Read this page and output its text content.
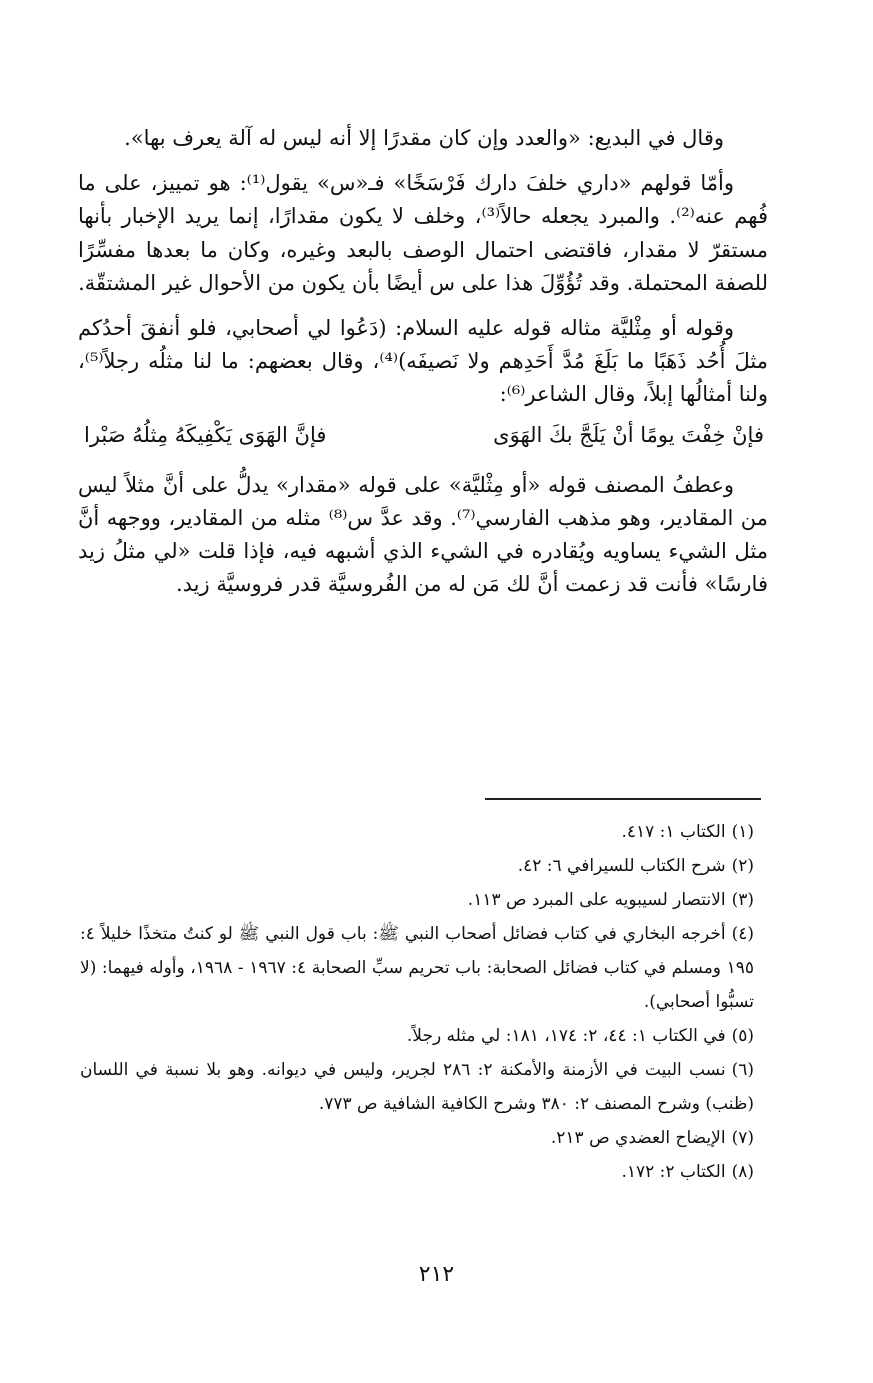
وقال في البديع: «والعدد وإن كان مقدرًا إلا أنه ليس له آلة يعرف بها».

وأمّا قولهم «داري خلفَ دارك فَرْسَخًا» فـ«س» يقول⁽¹⁾: هو تمييز، على ما فُهم عنه⁽²⁾. والمبرد يجعله حالاً⁽³⁾، وخلف لا يكون مقدارًا، إنما يريد الإخبار بأنها مستقرّ لا مقدار، فاقتضى احتمال الوصف بالبعد وغيره، وكان ما بعدها مفسِّرًا للصفة المحتملة. وقد تُؤُوِّلَ هذا على س أيضًا بأن يكون من الأحوال غير المشتقّة.

وقوله أو مِثْليَّة مثاله قوله عليه السلام: (دَعُوا لي أصحابي، فلو أنفقَ أحدُكم مثلَ أُحُد ذَهَبًا ما بَلَغَ مُدَّ أَحَدِهم ولا نَصيفَه)⁽⁴⁾، وقال بعضهم: ما لنا مثلُه رجلاً⁽⁵⁾، ولنا أمثالُها إبلاً، وقال الشاعر⁽⁶⁾:

فإنْ خِفْتَ يومًا أنْ يَلَجَّ بكَ الهَوَى
فإنَّ الهَوَى يَكْفِيكَهُ مِثلُهُ صَبْرا

وعطفُ المصنف قوله «أو مِثْليَّة» على قوله «مقدار» يدلُّ على أنَّ مثلاً ليس من المقادير، وهو مذهب الفارسي⁽⁷⁾. وقد عدَّ س⁽⁸⁾ مثله من المقادير، ووجهه أنَّ مثل الشيء يساويه ويُقادره في الشيء الذي أشبهه فيه، فإذا قلت «لي مثلُ زيد فارسًا» فأنت قد زعمت أنَّ لك مَن له من الفُروسيَّة قدر فروسيَّة زيد.

(١)الكتاب ١: ٤١٧.

(٢)شرح الكتاب للسيرافي ٦: ٤٢.

(٣)الانتصار لسيبويه على المبرد ص ١١٣.

(٤)أخرجه البخاري في كتاب فضائل أصحاب النبي ﷺ: باب قول النبي ﷺ لو كنتُ متخذًا خليلاً ٤: ١٩٥ ومسلم في كتاب فضائل الصحابة: باب تحريم سبِّ الصحابة ٤: ١٩٦٧ - ١٩٦٨، وأوله فيهما: (لا تسبُّوا أصحابي).

(٥)في الكتاب ١: ٤٤، ٢: ١٧٤، ١٨١: لي مثله رجلاً.

(٦)نسب البيت في الأزمنة والأمكنة ٢: ٢٨٦ لجرير، وليس في ديوانه. وهو بلا نسبة في اللسان (ظنب) وشرح المصنف ٢: ٣٨٠ وشرح الكافية الشافية ص ٧٧٣.

(٧)الإيضاح العضدي ص ٢١٣.

(٨)الكتاب ٢: ١٧٢.

٢١٢
